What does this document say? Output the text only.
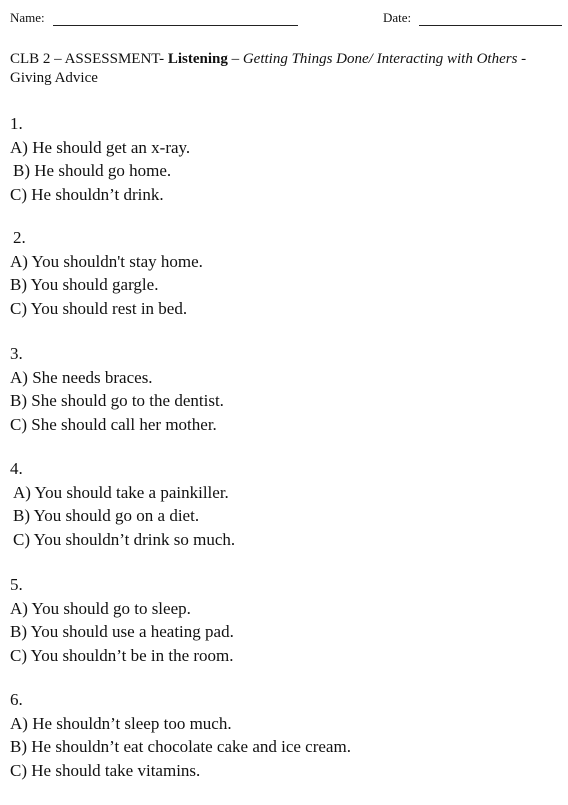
Name:	Date:
CLB 2 – ASSESSMENT- Listening – Getting Things Done/ Interacting with Others - Giving Advice
1.
A) He should get an x-ray.
B) He should go home.
C) He shouldn’t drink.
2.
A) You shouldn't stay home.
B) You should gargle.
C) You should rest in bed.
3.
A) She needs braces.
B) She should go to the dentist.
C) She should call her mother.
4.
A) You should take a painkiller.
B) You should go on a diet.
C) You shouldn’t drink so much.
5.
A) You should go to sleep.
B) You should use a heating pad.
C) You shouldn’t be in the room.
6.
A) He shouldn’t sleep too much.
B) He shouldn’t eat chocolate cake and ice cream.
C) He should take vitamins.
